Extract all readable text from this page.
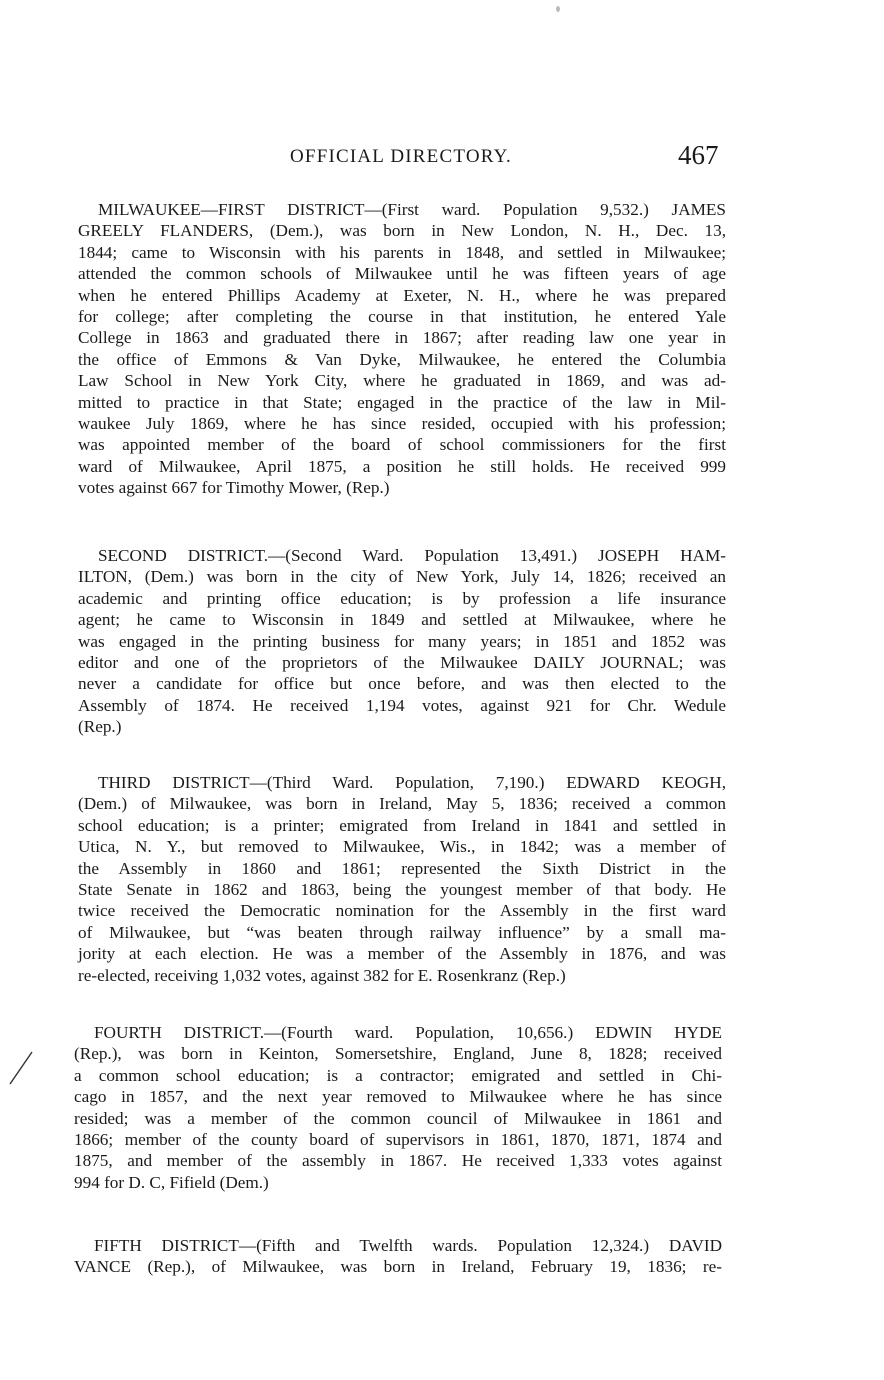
OFFICIAL DIRECTORY.	467
MILWAUKEE—FIRST DISTRICT—(First ward. Population 9,532.) JAMES
GREELY FLANDERS, (Dem.), was born in New London, N. H., Dec. 13,
1844; came to Wisconsin with his parents in 1848, and settled in Milwaukee;
attended the common schools of Milwaukee until he was fifteen years of age
when he entered Phillips Academy at Exeter, N. H., where he was prepared
for college; after completing the course in that institution, he entered Yale
College in 1863 and graduated there in 1867; after reading law one year in
the office of Emmons & Van Dyke, Milwaukee, he entered the Columbia
Law School in New York City, where he graduated in 1869, and was ad-
mitted to practice in that State; engaged in the practice of the law in Mil-
waukee July 1869, where he has since resided, occupied with his profession;
was appointed member of the board of school commissioners for the first
ward of Milwaukee, April 1875, a position he still holds. He received 999
votes against 667 for Timothy Mower, (Rep.)
SECOND DISTRICT.—(Second Ward. Population 13,491.) JOSEPH HAM-
ILTON, (Dem.) was born in the city of New York, July 14, 1826; received an
academic and printing office education; is by profession a life insurance
agent; he came to Wisconsin in 1849 and settled at Milwaukee, where he
was engaged in the printing business for many years; in 1851 and 1852 was
editor and one of the proprietors of the Milwaukee DAILY JOURNAL; was
never a candidate for office but once before, and was then elected to the
Assembly of 1874. He received 1,194 votes, against 921 for Chr. Wedule
(Rep.)
THIRD DISTRICT—(Third Ward. Population, 7,190.) EDWARD KEOGH,
(Dem.) of Milwaukee, was born in Ireland, May 5, 1836; received a common
school education; is a printer; emigrated from Ireland in 1841 and settled in
Utica, N. Y., but removed to Milwaukee, Wis., in 1842; was a member of
the Assembly in 1860 and 1861; represented the Sixth District in the
State Senate in 1862 and 1863, being the youngest member of that body. He
twice received the Democratic nomination for the Assembly in the first ward
of Milwaukee, but “was beaten through railway influence” by a small ma-
jority at each election. He was a member of the Assembly in 1876, and was
re-elected, receiving 1,032 votes, against 382 for E. Rosenkranz (Rep.)
FOURTH DISTRICT.—(Fourth ward. Population, 10,656.) EDWIN HYDE
(Rep.), was born in Keinton, Somersetshire, England, June 8, 1828; received
a common school education; is a contractor; emigrated and settled in Chi-
cago in 1857, and the next year removed to Milwaukee where he has since
resided; was a member of the common council of Milwaukee in 1861 and
1866; member of the county board of supervisors in 1861, 1870, 1871, 1874 and
1875, and member of the assembly in 1867. He received 1,333 votes against
994 for D. C, Fifield (Dem.)
FIFTH DISTRICT—(Fifth and Twelfth wards. Population 12,324.) DAVID
VANCE (Rep.), of Milwaukee, was born in Ireland, February 19, 1836; re-
